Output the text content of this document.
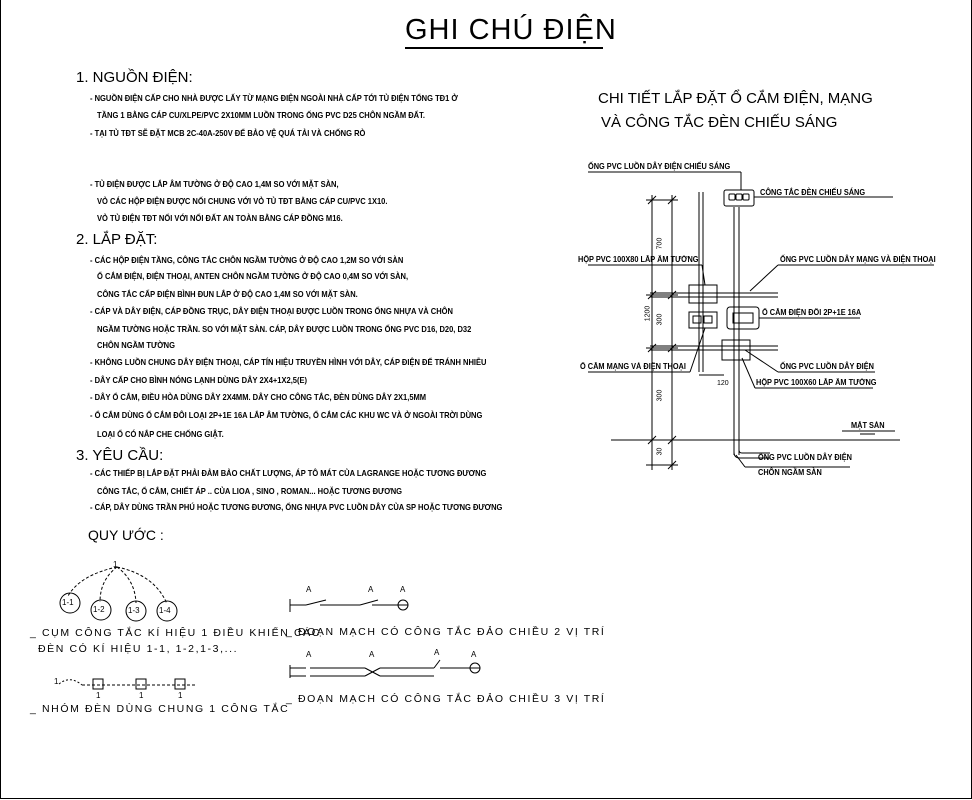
GHI CHÚ ĐIỆN
1. NGUỒN ĐIỆN:
- NGUỒN ĐIỆN CẤP CHO NHÀ ĐƯỢC LẤY TỪ MẠNG ĐIỆN NGOÀI NHÀ CẤP TỚI TỦ ĐIỆN TỔNG TĐ1 Ở
TẦNG 1 BẰNG CÁP CU/XLPE/PVC 2X10MM LUỒN TRONG ỐNG PVC D25 CHÔN NGẦM ĐẤT.
- TẠI TỦ TĐT SẼ ĐẶT MCB 2C-40A-250V ĐỂ BẢO VỆ QUÁ TẢI VÀ CHỐNG RÒ
- TỦ ĐIỆN ĐƯỢC LẮP ÂM TƯỜNG Ở ĐỘ CAO 1,4M SO VỚI MẶT SÀN,
VỎ CÁC HỘP ĐIỆN ĐƯỢC NỐI CHUNG VỚI VỎ TỦ TĐT BẰNG CÁP CU/PVC 1X10.
VỎ TỦ ĐIỆN TĐT NỐI VỚI NỐI ĐẤT AN TOÀN BẰNG CÁP ĐỒNG M16.
2. LẮP ĐẶT:
- CÁC HỘP ĐIỆN TẦNG, CÔNG TẮC CHÔN NGẦM TƯỜNG Ở ĐỘ CAO 1,2M SO VỚI SÀN
Ổ CẮM ĐIỆN, ĐIỆN THOẠI, ANTEN CHÔN NGẦM TƯỜNG Ở ĐỘ CAO 0,4M SO VỚI SÀN,
CÔNG TẮC CẤP ĐIỆN BÌNH ĐUN LẮP Ở ĐỘ CAO 1,4M SO VỚI MẶT SÀN.
- CÁP VÀ DÂY ĐIỆN, CÁP ĐỒNG TRỤC, DÂY ĐIỆN THOẠI ĐƯỢC LUỒN TRONG ỐNG NHỰA VÀ CHÔN
NGẦM TƯỜNG HOẶC TRẦN. SO VỚI MẶT SÀN. CÁP, DÂY ĐƯỢC LUỒN TRONG ỐNG PVC D16, D20, D32
CHÔN NGẦM TƯỜNG
- KHÔNG LUỒN CHUNG DÂY ĐIỆN THOẠI, CÁP TÍN HIỆU TRUYỀN HÌNH VỚI DÂY, CÁP ĐIỆN ĐỂ TRÁNH NHIỄU
- DÂY CẤP CHO BÌNH NÓNG LẠNH DÙNG DÂY 2X4+1X2,5(E)
- DÂY Ổ CẮM, ĐIỀU HÒA DÙNG DÂY 2X4MM. DÂY CHO CÔNG TẮC, ĐÈN DÙNG DÂY 2X1,5MM
- Ổ CẮM DÙNG Ổ CẮM ĐÔI LOẠI 2P+1E 16A LẮP ÂM TƯỜNG, Ổ CẮM CÁC KHU WC VÀ Ở NGOÀI TRỜI DÙNG
LOẠI Ổ CÓ NẮP CHE CHỐNG GIẬT.
3. YÊU CẦU:
- CÁC THIẾP BỊ LẮP ĐẶT PHẢI ĐẢM BẢO CHẤT LƯỢNG, ÁP TÔ MÁT CỦA LAGRANGE HOẶC TƯƠNG ĐƯƠNG
CÔNG TẮC, Ổ CẮM, CHIẾT ÁP .. CỦA LIOA , SINO , ROMAN... HOẶC TƯƠNG ĐƯƠNG
- CÁP, DÂY DÙNG TRẦN PHÚ HOẶC TƯƠNG ĐƯƠNG, ỐNG NHỰA PVC LUỒN DÂY CỦA SP HOẶC TƯƠNG ĐƯƠNG
CHI TIẾT LẮP ĐẶT Ổ CẮM ĐIỆN, MẠNG
VÀ CÔNG TẮC ĐÈN CHIẾU SÁNG
ỐNG PVC LUỒN DÂY ĐIỆN CHIẾU SÁNG
CÔNG TẮC ĐÈN CHIẾU SÁNG
HỘP PVC 100X80 LẮP ÂM TƯỜNG	ỐNG PVC LUỒN DÂY MẠNG VÀ ĐIỆN THOẠI
Ổ CẮM ĐIỆN ĐÔI 2P+1E 16A
Ổ CẮM MẠNG VÀ ĐIỆN THOẠI	ỐNG PVC LUỒN DÂY ĐIỆN
HỘP PVC 100X60 LẮP ÂM TƯỜNG
MẶT SÀN
ỐNG PVC LUỒN DÂY ĐIỆN
CHÔN NGẦM SÀN
700
1200 300
300
30
120
QUY ƯỚC :
1
1-1
1-2	1-3 1-4
_ CỤM CÔNG TẮC KÍ HIỆU 1 ĐIỀU KHIỂN CÁC
ĐÈN CÓ KÍ HIỆU 1-1, 1-2,1-3,...
1
1	1	1
_ NHÓM ĐÈN DÙNG CHUNG 1 CÔNG TẮC
A	A	A
_ ĐOẠN MẠCH CÓ CÔNG TẮC ĐẢO CHIỀU 2 VỊ TRÍ
A	A	A	A
_ ĐOẠN MẠCH CÓ CÔNG TẮC ĐẢO CHIỀU 3 VỊ TRÍ
